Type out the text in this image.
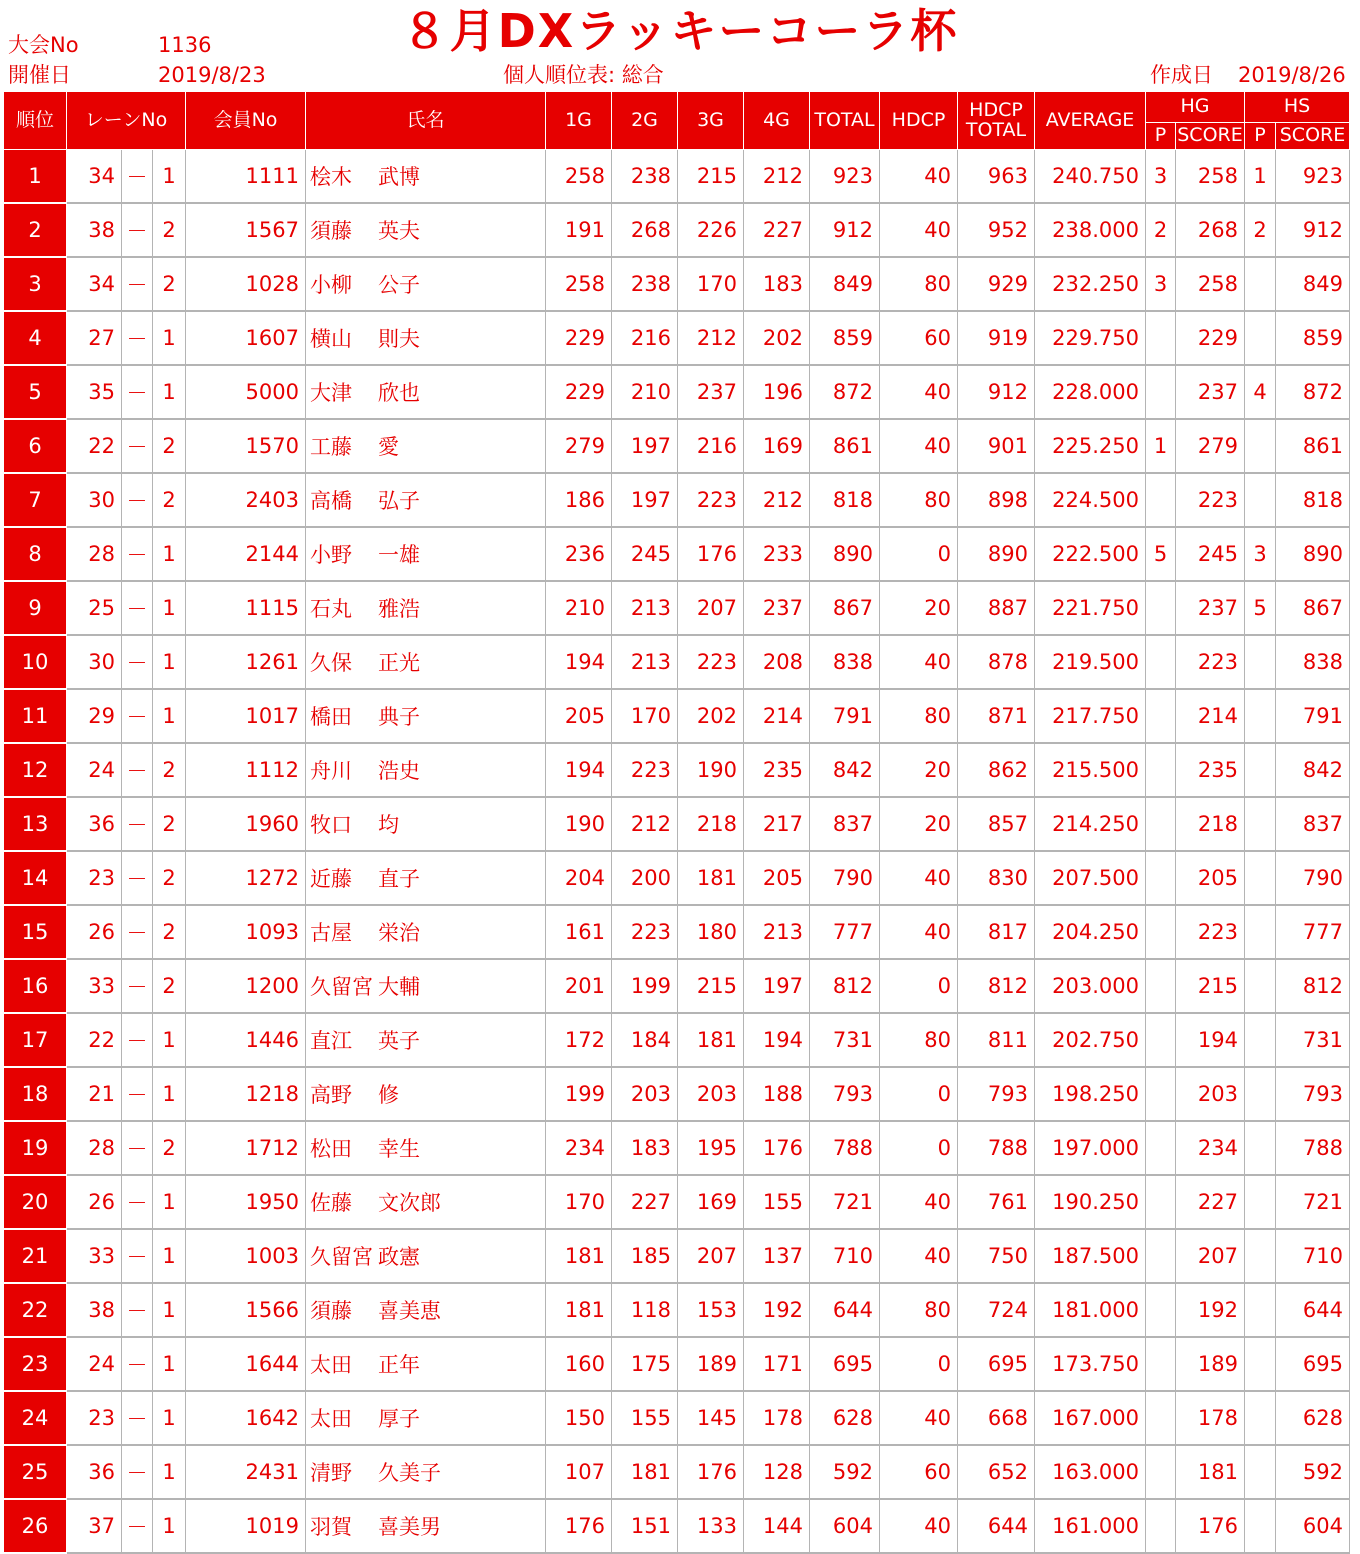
８月DXラッキーコーラ杯
大会No	1136
開催日	2019/8/23	個人順位表: 総合	作成日 2019/8/26
順位	レーンNo			会員No	氏名	1G	2G	3G	4G	TOTAL	HDCP	HDCP
TOTAL	AVERAGE	HG		HS	
														P	SCORE	P	SCORE
1	34	－	1	1111	桧木 武博	258	238	215	212	923	40	963	240.750	3	258	1	923
2	38	－	2	1567	須藤 英夫	191	268	226	227	912	40	952	238.000	2	268	2	912
3	34	－	2	1028	小柳 公子	258	238	170	183	849	80	929	232.250	3	258		849
4	27	－	1	1607	横山 則夫	229	216	212	202	859	60	919	229.750		229		859
5	35	－	1	5000	大津 欣也	229	210	237	196	872	40	912	228.000		237	4	872
6	22	－	2	1570	工藤 愛	279	197	216	169	861	40	901	225.250	1	279		861
7	30	－	2	2403	高橋 弘子	186	197	223	212	818	80	898	224.500		223		818
8	28	－	1	2144	小野 一雄	236	245	176	233	890	0	890	222.500	5	245	3	890
9	25	－	1	1115	石丸 雅浩	210	213	207	237	867	20	887	221.750		237	5	867
10	30	－	1	1261	久保 正光	194	213	223	208	838	40	878	219.500		223		838
11	29	－	1	1017	橋田 典子	205	170	202	214	791	80	871	217.750		214		791
12	24	－	2	1112	舟川 浩史	194	223	190	235	842	20	862	215.500		235		842
13	36	－	2	1960	牧口 均	190	212	218	217	837	20	857	214.250		218		837
14	23	－	2	1272	近藤 直子	204	200	181	205	790	40	830	207.500		205		790
15	26	－	2	1093	古屋 栄治	161	223	180	213	777	40	817	204.250		223		777
16	33	－	2	1200	久留宮 大輔	201	199	215	197	812	0	812	203.000		215		812
17	22	－	1	1446	直江 英子	172	184	181	194	731	80	811	202.750		194		731
18	21	－	1	1218	高野 修	199	203	203	188	793	0	793	198.250		203		793
19	28	－	2	1712	松田 幸生	234	183	195	176	788	0	788	197.000		234		788
20	26	－	1	1950	佐藤 文次郎	170	227	169	155	721	40	761	190.250		227		721
21	33	－	1	1003	久留宮 政憲	181	185	207	137	710	40	750	187.500		207		710
22	38	－	1	1566	須藤 喜美恵	181	118	153	192	644	80	724	181.000		192		644
23	24	－	1	1644	太田 正年	160	175	189	171	695	0	695	173.750		189		695
24	23	－	1	1642	太田 厚子	150	155	145	178	628	40	668	167.000		178		628
25	36	－	1	2431	清野 久美子	107	181	176	128	592	60	652	163.000		181		592
26	37	－	1	1019	羽賀 喜美男	176	151	133	144	604	40	644	161.000		176		604
